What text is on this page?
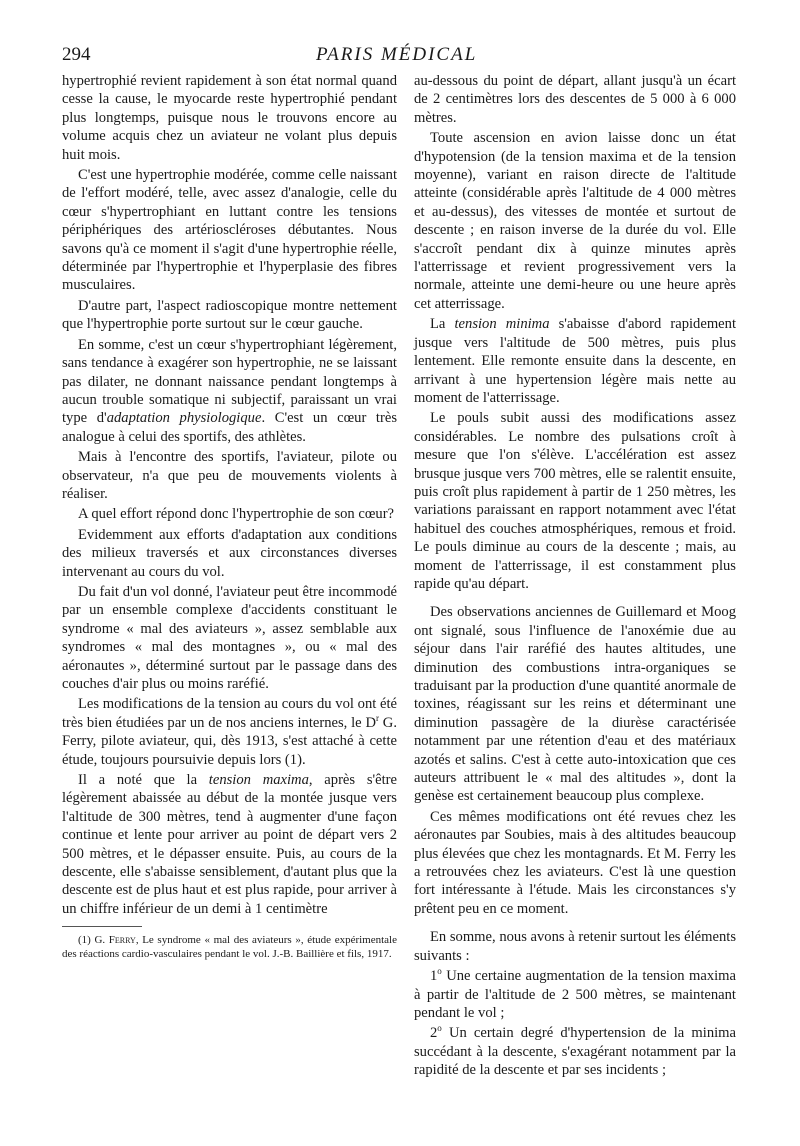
294	PARIS MÉDICAL

hypertrophié revient rapidement à son état normal quand cesse la cause, le myocarde reste hypertrophié pendant plus longtemps, puisque nous le trouvons encore au volume acquis chez un aviateur ne volant plus depuis huit mois.

C'est une hypertrophie modérée, comme celle naissant de l'effort modéré, telle, avec assez d'analogie, celle du cœur s'hypertrophiant en luttant contre les tensions périphériques des artérioscléroses débutantes. Nous savons qu'à ce moment il s'agit d'une hypertrophie réelle, déterminée par l'hypertrophie et l'hyperplasie des fibres musculaires.

D'autre part, l'aspect radioscopique montre nettement que l'hypertrophie porte surtout sur le cœur gauche.

En somme, c'est un cœur s'hypertrophiant légèrement, sans tendance à exagérer son hypertrophie, ne se laissant pas dilater, ne donnant naissance pendant longtemps à aucun trouble somatique ni subjectif, paraissant un vrai type d'adaptation physiologique. C'est un cœur très analogue à celui des sportifs, des athlètes.

Mais à l'encontre des sportifs, l'aviateur, pilote ou observateur, n'a que peu de mouvements violents à réaliser.

A quel effort répond donc l'hypertrophie de son cœur?

Evidemment aux efforts d'adaptation aux conditions des milieux traversés et aux circonstances diverses intervenant au cours du vol.

Du fait d'un vol donné, l'aviateur peut être incommodé par un ensemble complexe d'accidents constituant le syndrome « mal des aviateurs », assez semblable aux syndromes « mal des montagnes », ou « mal des aéronautes », déterminé surtout par le passage dans des couches d'air plus ou moins raréfié.

Les modifications de la tension au cours du vol ont été très bien étudiées par un de nos anciens internes, le $D^r$ G. Ferry, pilote aviateur, qui, dès 1913, s'est attaché à cette étude, toujours poursuivie depuis lors (1).

Il a noté que la tension maxima, après s'être légèrement abaissée au début de la montée jusque vers l'altitude de 300 mètres, tend à augmenter d'une façon continue et lente pour arriver au point de départ vers 2 500 mètres, et le dépasser ensuite. Puis, au cours de la descente, elle s'abaisse sensiblement, d'autant plus que la descente est de plus haut et est plus rapide, pour arriver à un chiffre inférieur de un demi à 1 centimètre

(1) G. Ferry, Le syndrome « mal des aviateurs », étude expérimentale des réactions cardio-vasculaires pendant le vol. J.-B. Baillière et fils, 1917.

au-dessous du point de départ, allant jusqu'à un écart de 2 centimètres lors des descentes de 5 000 à 6 000 mètres.

Toute ascension en avion laisse donc un état d'hypotension (de la tension maxima et de la tension moyenne), variant en raison directe de l'altitude atteinte (considérable après l'altitude de 4 000 mètres et au-dessus), des vitesses de montée et surtout de descente ; en raison inverse de la durée du vol. Elle s'accroît pendant dix à quinze minutes après l'atterrissage et revient progressivement vers la normale, atteinte une demi-heure ou une heure après cet atterrissage.

La tension minima s'abaisse d'abord rapidement jusque vers l'altitude de 500 mètres, puis plus lentement. Elle remonte ensuite dans la descente, en arrivant à une hypertension légère mais nette au moment de l'atterrissage.

Le pouls subit aussi des modifications assez considérables. Le nombre des pulsations croît à mesure que l'on s'élève. L'accélération est assez brusque jusque vers 700 mètres, elle se ralentit ensuite, puis croît plus rapidement à partir de 1 250 mètres, les variations paraissant en rapport notamment avec l'état habituel des couches atmosphériques, remous et froid. Le pouls diminue au cours de la descente ; mais, au moment de l'atterrissage, il est constamment plus rapide qu'au départ.

Des observations anciennes de Guillemard et Moog ont signalé, sous l'influence de l'anoxémie due au séjour dans l'air raréfié des hautes altitudes, une diminution des combustions intra-organiques se traduisant par la production d'une quantité anormale de toxines, réagissant sur les reins et déterminant une diminution passagère de la diurèse caractérisée notamment par une rétention d'eau et des matériaux azotés et salins. C'est à cette auto-intoxication que ces auteurs attribuent le « mal des altitudes », dont la genèse est certainement beaucoup plus complexe.

Ces mêmes modifications ont été revues chez les aéronautes par Soubies, mais à des altitudes beaucoup plus élevées que chez les montagnards. Et M. Ferry les a retrouvées chez les aviateurs. C'est là une question fort intéressante à l'étude. Mais les circonstances s'y prêtent peu en ce moment.

En somme, nous avons à retenir surtout les éléments suivants :

1$^o$ Une certaine augmentation de la tension maxima à partir de l'altitude de 2 500 mètres, se maintenant pendant le vol ;

2$^o$ Un certain degré d'hypertension de la minima succédant à la descente, s'exagérant notamment par la rapidité de la descente et par ses incidents ;
